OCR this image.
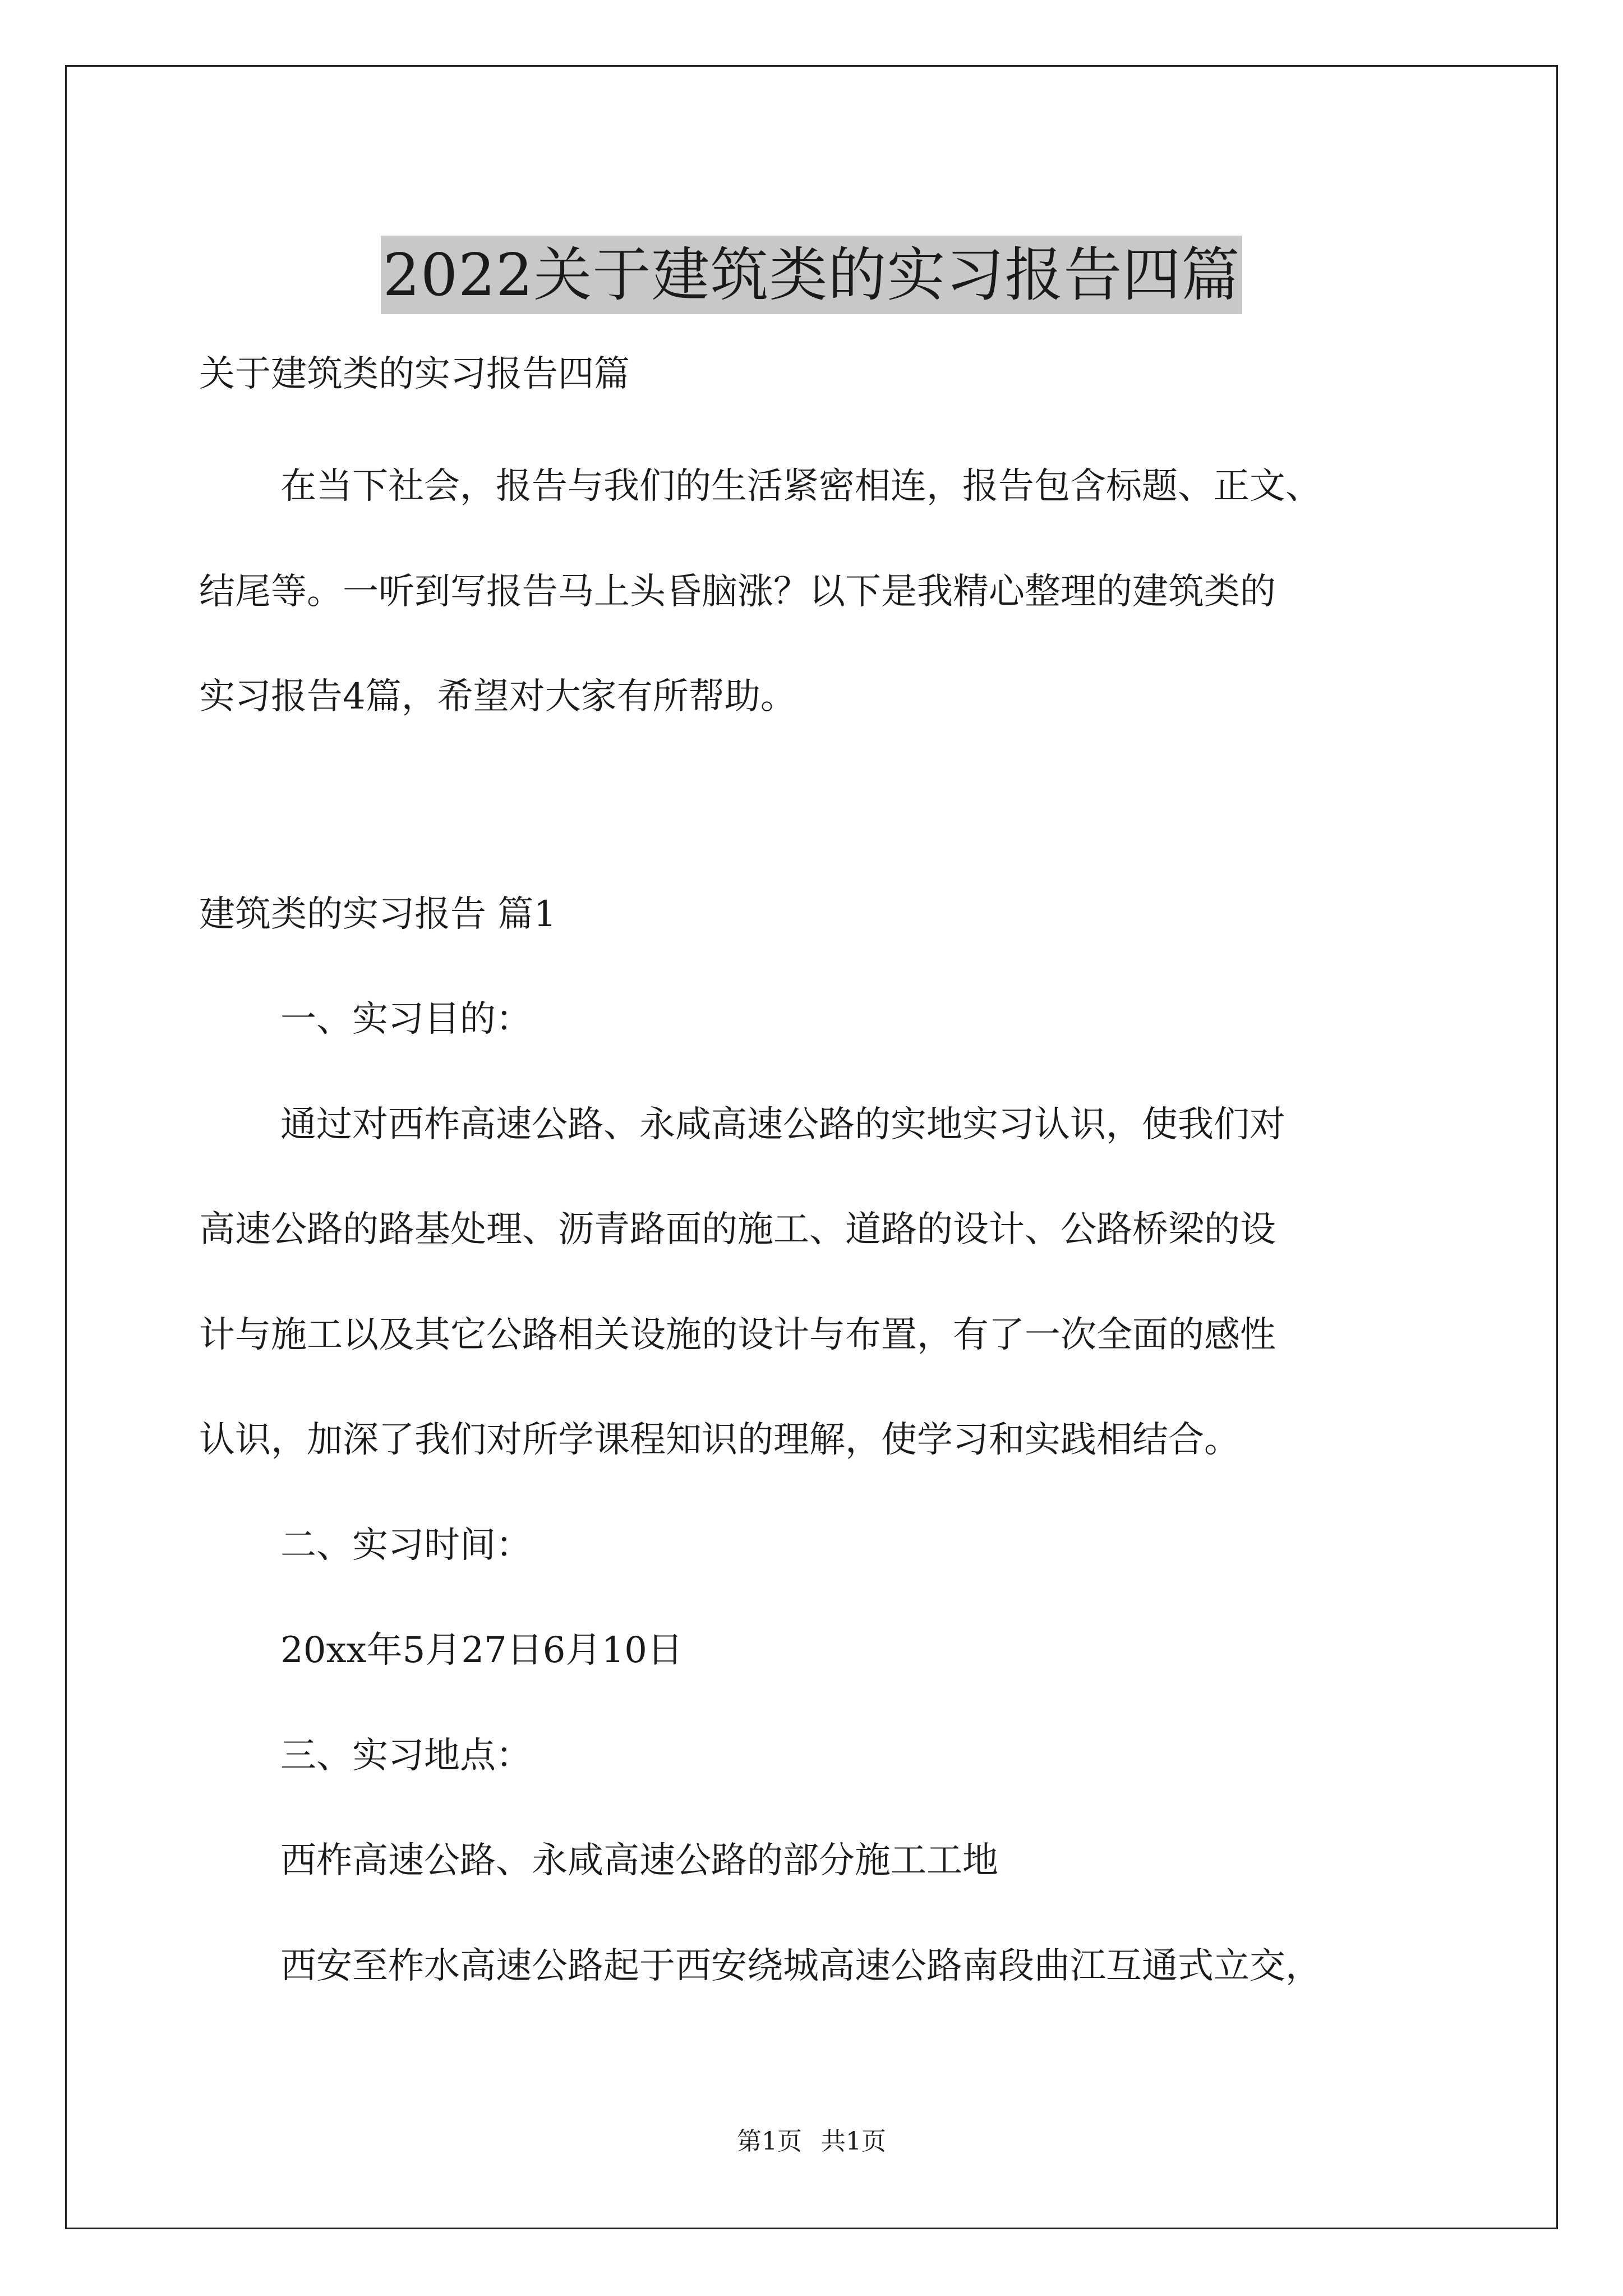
2022关于建筑类的实习报告四篇
关于建筑类的实习报告四篇
在当下社会，报告与我们的生活紧密相连，报告包含标题、正文、
结尾等。一听到写报告马上头昏脑涨？以下是我精心整理的建筑类的
实习报告4篇，希望对大家有所帮助。
建筑类的实习报告 篇1
一、实习目的：
通过对西柞高速公路、永咸高速公路的实地实习认识，使我们对
高速公路的路基处理、沥青路面的施工、道路的设计、公路桥梁的设
计与施工以及其它公路相关设施的设计与布置，有了一次全面的感性
认识，加深了我们对所学课程知识的理解，使学习和实践相结合。
二、实习时间：
20xx年5月27日6月10日
三、实习地点：
西柞高速公路、永咸高速公路的部分施工工地
西安至柞水高速公路起于西安绕城高速公路南段曲江互通式立交，
第1页 共1页
